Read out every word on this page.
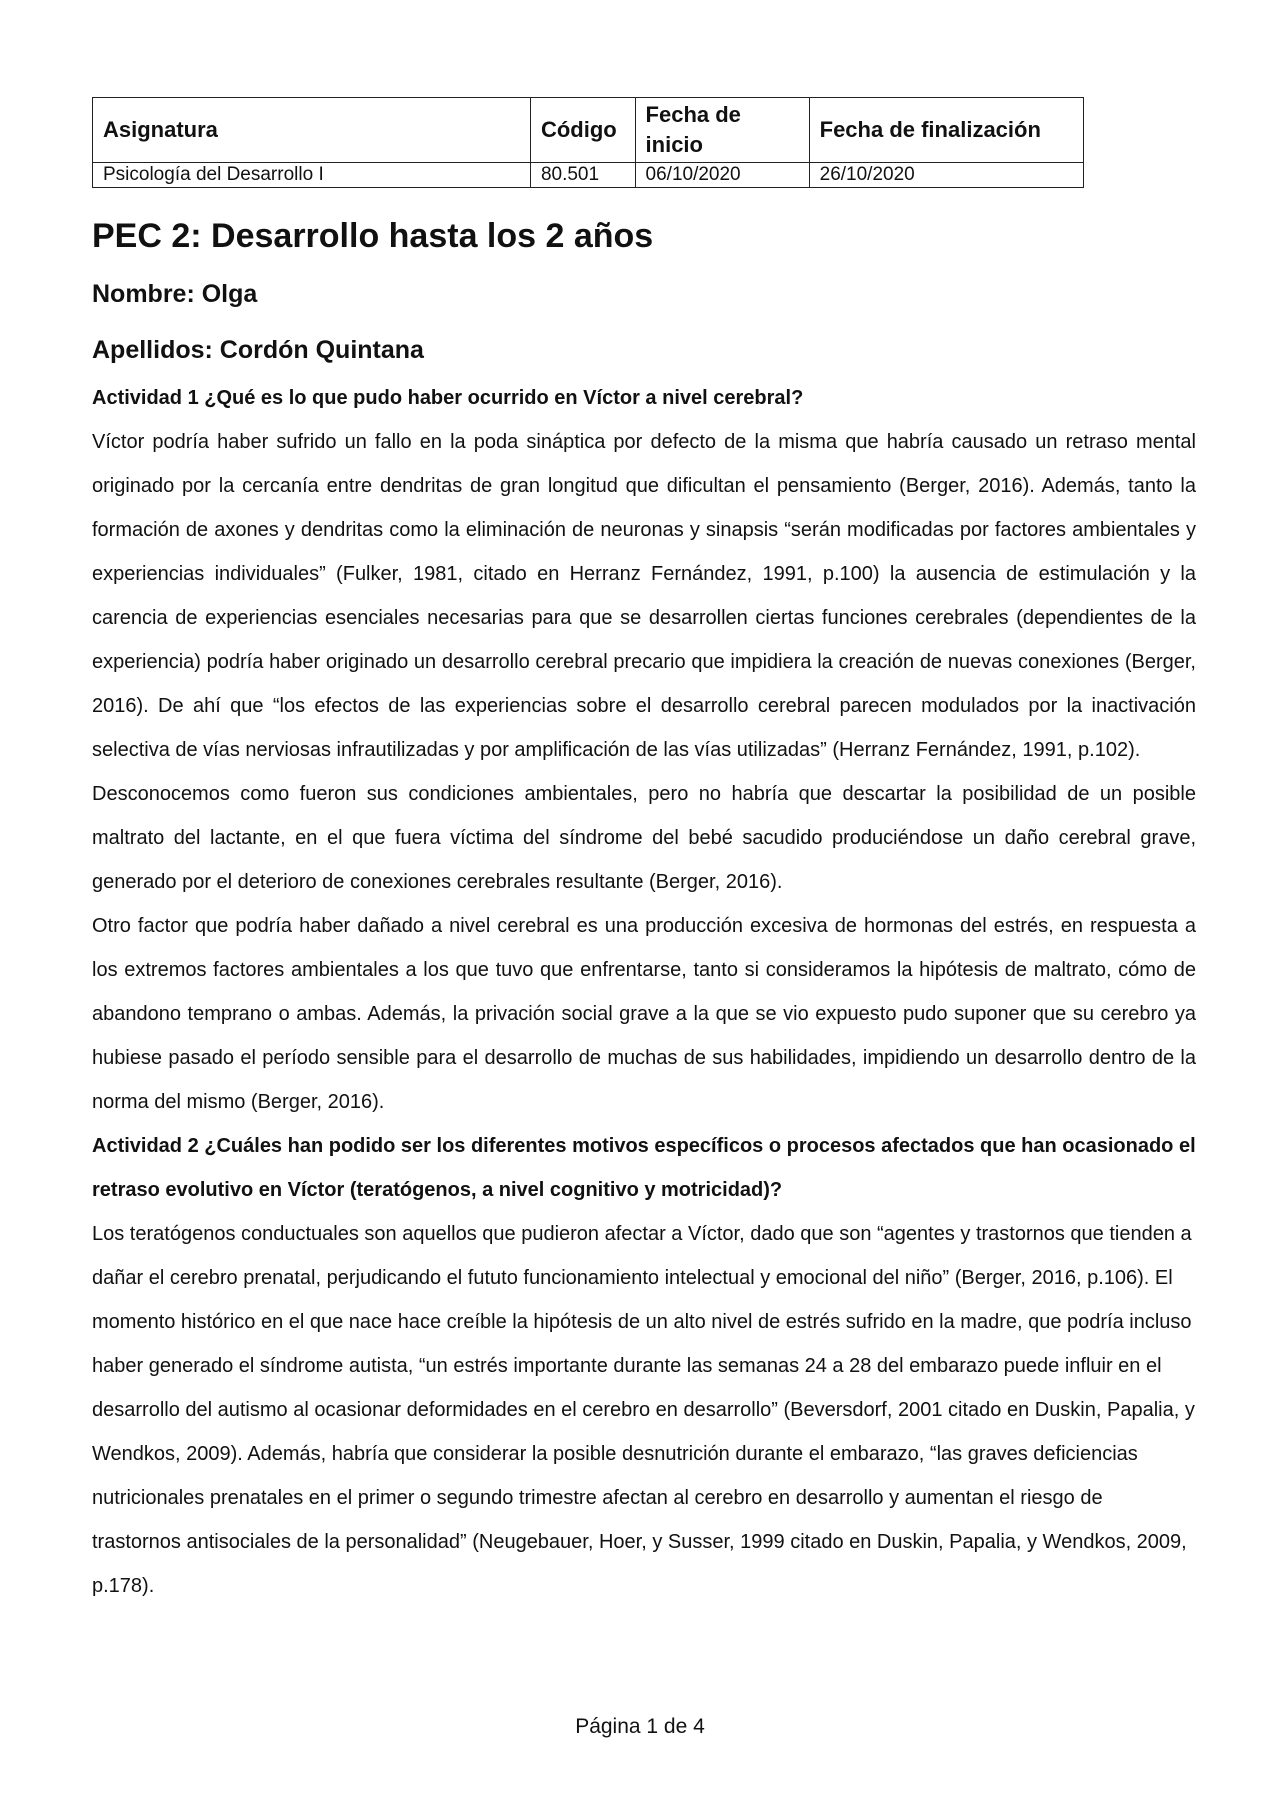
Asignatura	Código	Fecha de inicio	Fecha de finalización
Psicología del Desarrollo I	80.501	06/10/2020	26/10/2020
PEC 2: Desarrollo hasta los 2 años
Nombre: Olga
Apellidos: Cordón Quintana
Actividad 1 ¿Qué es lo que pudo haber ocurrido en Víctor a nivel cerebral?

Víctor podría haber sufrido un fallo en la poda sináptica por defecto de la misma que habría causado un retraso mental originado por la cercanía entre dendritas de gran longitud que dificultan el pensamiento (Berger, 2016). Además, tanto la formación de axones y dendritas como la eliminación de neuronas y sinapsis “serán modificadas por factores ambientales y experiencias individuales” (Fulker, 1981, citado en Herranz Fernández, 1991, p.100) la ausencia de estimulación y la carencia de experiencias esenciales necesarias para que se desarrollen ciertas funciones cerebrales (dependientes de la experiencia) podría haber originado un desarrollo cerebral precario que impidiera la creación de nuevas conexiones (Berger, 2016). De ahí que “los efectos de las experiencias sobre el desarrollo cerebral parecen modulados por la inactivación selectiva de vías nerviosas infrautilizadas y por amplificación de las vías utilizadas” (Herranz Fernández, 1991, p.102).

Desconocemos como fueron sus condiciones ambientales, pero no habría que descartar la posibilidad de un posible maltrato del lactante, en el que fuera víctima del síndrome del bebé sacudido produciéndose un daño cerebral grave, generado por el deterioro de conexiones cerebrales resultante (Berger, 2016).

Otro factor que podría haber dañado a nivel cerebral es una producción excesiva de hormonas del estrés, en respuesta a los extremos factores ambientales a los que tuvo que enfrentarse, tanto si consideramos la hipótesis de maltrato, cómo de abandono temprano o ambas. Además, la privación social grave a la que se vio expuesto pudo suponer que su cerebro ya hubiese pasado el período sensible para el desarrollo de muchas de sus habilidades, impidiendo un desarrollo dentro de la norma del mismo (Berger, 2016).

Actividad 2 ¿Cuáles han podido ser los diferentes motivos específicos o procesos afectados que han ocasionado el retraso evolutivo en Víctor (teratógenos, a nivel cognitivo y motricidad)?

Los teratógenos conductuales son aquellos que pudieron afectar a Víctor, dado que son “agentes y trastornos que tienden a dañar el cerebro prenatal, perjudicando el fututo funcionamiento intelectual y emocional del niño” (Berger, 2016, p.106). El momento histórico en el que nace hace creíble la hipótesis de un alto nivel de estrés sufrido en la madre, que podría incluso haber generado el síndrome autista, “un estrés importante durante las semanas 24 a 28 del embarazo puede influir en el desarrollo del autismo al ocasionar deformidades en el cerebro en desarrollo” (Beversdorf, 2001 citado en Duskin, Papalia, y Wendkos, 2009). Además, habría que considerar la posible desnutrición durante el embarazo, “las graves deficiencias nutricionales prenatales en el primer o segundo trimestre afectan al cerebro en desarrollo y aumentan el riesgo de trastornos antisociales de la personalidad” (Neugebauer, Hoer, y Susser, 1999 citado en Duskin, Papalia, y Wendkos, 2009, p.178).

Página 1 de 4
